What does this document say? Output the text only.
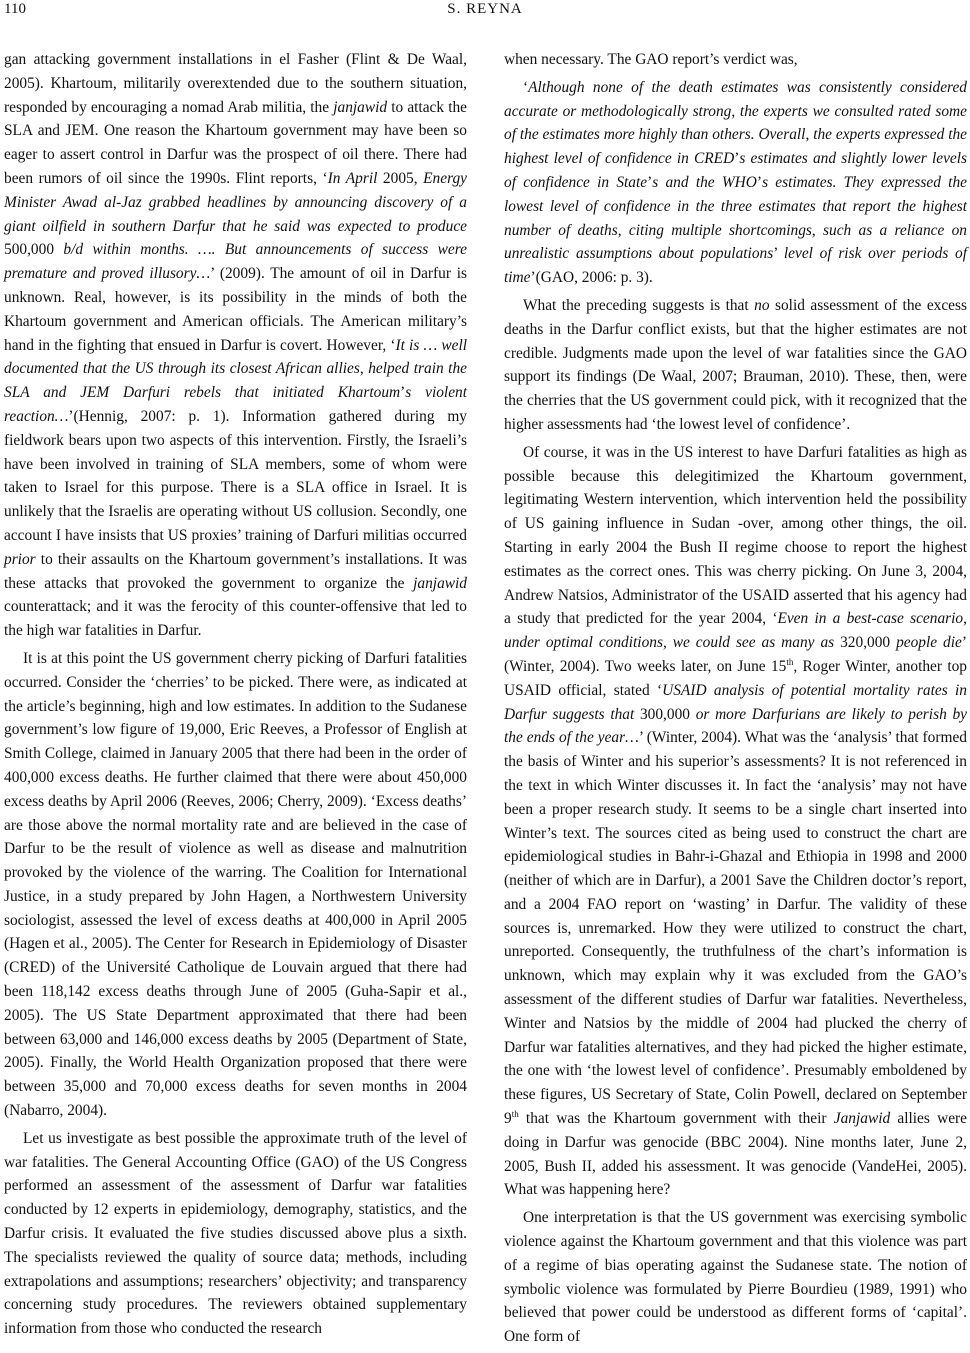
110	S. REYNA

gan attacking government installations in el Fasher (Flint & De Waal, 2005). Khartoum, militarily overextended due to the southern situation, responded by encouraging a nomad Arab militia, the janjawid to attack the SLA and JEM. One reason the Khartoum government may have been so eager to assert control in Darfur was the prospect of oil there. There had been rumors of oil since the 1990s. Flint reports, ‘In April 2005, Energy Minister Awad al-Jaz grabbed headlines by announcing discovery of a giant oilfield in southern Darfur that he said was expected to produce 500,000 b/d within months. …. But announcements of success were premature and proved illusory…’ (2009). The amount of oil in Darfur is unknown. Real, however, is its possibility in the minds of both the Khartoum government and American officials. The American military’s hand in the fighting that ensued in Darfur is covert. However, ‘It is … well documented that the US through its closest African allies, helped train the SLA and JEM Darfuri rebels that initiated Khartoum’s violent reaction…’(Hennig, 2007: p. 1). Information gathered during my fieldwork bears upon two aspects of this intervention. Firstly, the Israeli’s have been involved in training of SLA members, some of whom were taken to Israel for this purpose. There is a SLA office in Israel. It is unlikely that the Israelis are operating without US collusion. Secondly, one account I have insists that US proxies’ training of Darfuri militias occurred prior to their assaults on the Khartoum government’s installations. It was these attacks that provoked the government to organize the janjawid counterattack; and it was the ferocity of this counter-offensive that led to the high war fatalities in Darfur.

It is at this point the US government cherry picking of Darfuri fatalities occurred. Consider the ‘cherries’ to be picked. There were, as indicated at the article’s beginning, high and low estimates. In addition to the Sudanese government’s low figure of 19,000, Eric Reeves, a Professor of English at Smith College, claimed in January 2005 that there had been in the order of 400,000 excess deaths. He further claimed that there were about 450,000 excess deaths by April 2006 (Reeves, 2006; Cherry, 2009). ‘Excess deaths’ are those above the normal mortality rate and are believed in the case of Darfur to be the result of violence as well as disease and malnutrition provoked by the violence of the warring. The Coalition for International Justice, in a study prepared by John Hagen, a Northwestern University sociologist, assessed the level of excess deaths at 400,000 in April 2005 (Hagen et al., 2005). The Center for Research in Epidemiology of Disaster (CRED) of the Université Catholique de Louvain argued that there had been 118,142 excess deaths through June of 2005 (Guha-Sapir et al., 2005). The US State Department approximated that there had been between 63,000 and 146,000 excess deaths by 2005 (Department of State, 2005). Finally, the World Health Organization proposed that there were between 35,000 and 70,000 excess deaths for seven months in 2004 (Nabarro, 2004).

Let us investigate as best possible the approximate truth of the level of war fatalities. The General Accounting Office (GAO) of the US Congress performed an assessment of the assessment of Darfur war fatalities conducted by 12 experts in epidemiology, demography, statistics, and the Darfur crisis. It evaluated the five studies discussed above plus a sixth. The specialists reviewed the quality of source data; methods, including extrapolations and assumptions; researchers’ objectivity; and transparency concerning study procedures. The reviewers obtained supplementary information from those who conducted the research

when necessary. The GAO report’s verdict was,

‘Although none of the death estimates was consistently considered accurate or methodologically strong, the experts we consulted rated some of the estimates more highly than others. Overall, the experts expressed the highest level of confidence in CRED’s estimates and slightly lower levels of confidence in State’s and the WHO’s estimates. They expressed the lowest level of confidence in the three estimates that report the highest number of deaths, citing multiple shortcomings, such as a reliance on unrealistic assumptions about populations’ level of risk over periods of time’(GAO, 2006: p. 3).

What the preceding suggests is that no solid assessment of the excess deaths in the Darfur conflict exists, but that the higher estimates are not credible. Judgments made upon the level of war fatalities since the GAO support its findings (De Waal, 2007; Brauman, 2010). These, then, were the cherries that the US government could pick, with it recognized that the higher assessments had ‘the lowest level of confidence’.

Of course, it was in the US interest to have Darfuri fatalities as high as possible because this delegitimized the Khartoum government, legitimating Western intervention, which intervention held the possibility of US gaining influence in Sudan -over, among other things, the oil. Starting in early 2004 the Bush II regime choose to report the highest estimates as the correct ones. This was cherry picking. On June 3, 2004, Andrew Natsios, Administrator of the USAID asserted that his agency had a study that predicted for the year 2004, ‘Even in a best-case scenario, under optimal conditions, we could see as many as 320,000 people die’ (Winter, 2004). Two weeks later, on June 15th, Roger Winter, another top USAID official, stated ‘USAID analysis of potential mortality rates in Darfur suggests that 300,000 or more Darfurians are likely to perish by the ends of the year…’ (Winter, 2004). What was the ‘analysis’ that formed the basis of Winter and his superior’s assessments? It is not referenced in the text in which Winter discusses it. In fact the ‘analysis’ may not have been a proper research study. It seems to be a single chart inserted into Winter’s text. The sources cited as being used to construct the chart are epidemiological studies in Bahr-i-Ghazal and Ethiopia in 1998 and 2000 (neither of which are in Darfur), a 2001 Save the Children doctor’s report, and a 2004 FAO report on ‘wasting’ in Darfur. The validity of these sources is, unremarked. How they were utilized to construct the chart, unreported. Consequently, the truthfulness of the chart’s information is unknown, which may explain why it was excluded from the GAO’s assessment of the different studies of Darfur war fatalities. Nevertheless, Winter and Natsios by the middle of 2004 had plucked the cherry of Darfur war fatalities alternatives, and they had picked the higher estimate, the one with ‘the lowest level of confidence’. Presumably emboldened by these figures, US Secretary of State, Colin Powell, declared on September 9th that was the Khartoum government with their Janjawid allies were doing in Darfur was genocide (BBC 2004). Nine months later, June 2, 2005, Bush II, added his assessment. It was genocide (VandeHei, 2005). What was happening here?

One interpretation is that the US government was exercising symbolic violence against the Khartoum government and that this violence was part of a regime of bias operating against the Sudanese state. The notion of symbolic violence was formulated by Pierre Bourdieu (1989, 1991) who believed that power could be understood as different forms of ‘capital’. One form of
